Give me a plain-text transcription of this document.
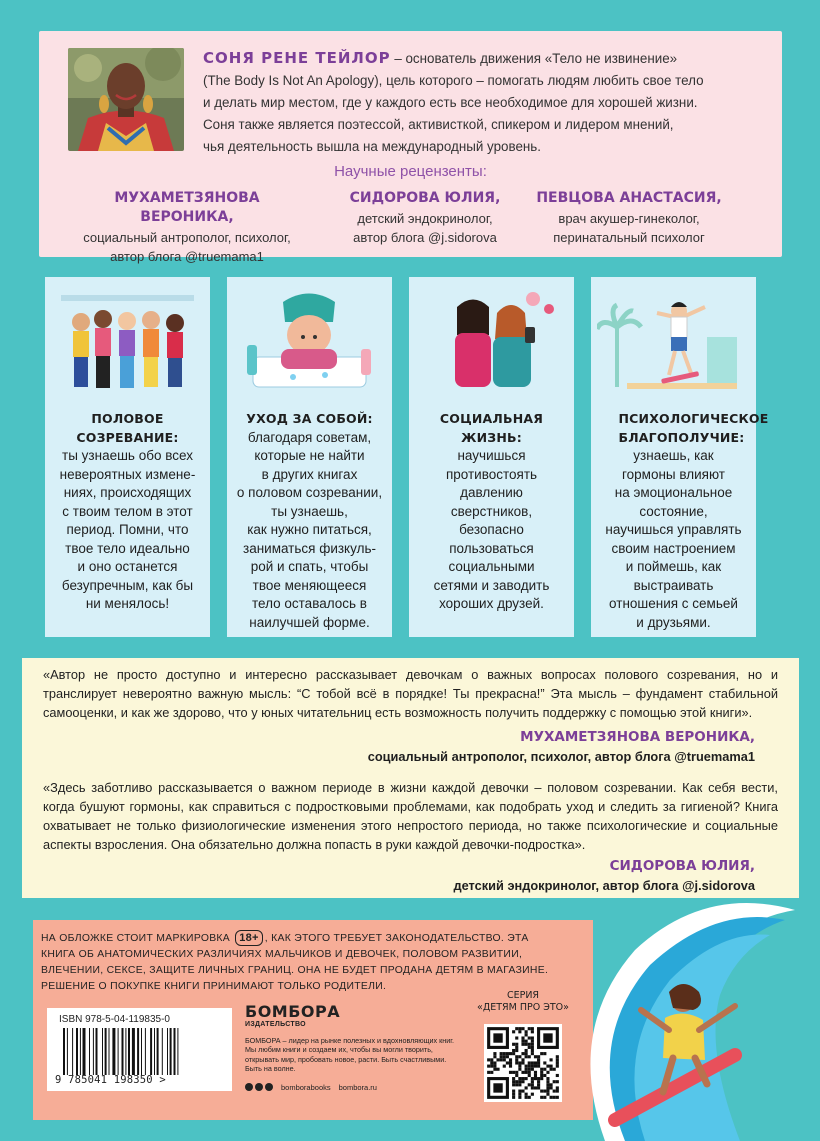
СОНЯ РЕНЕ ТЕЙЛОР – основатель движения «Тело не извинение»
(The Body Is Not An Apology), цель которого – помогать людям любить свое тело
и делать мир местом, где у каждого есть все необходимое для хорошей жизни.
Соня также является поэтессой, активисткой, спикером и лидером мнений,
чья деятельность вышла на международный уровень.
Научные рецензенты:
МУХАМЕТЗЯНОВА ВЕРОНИКА,
социальный антрополог, психолог,
автор блога @truemama1
СИДОРОВА ЮЛИЯ,
детский эндокринолог,
автор блога @j.sidorova
ПЕВЦОВА АНАСТАСИЯ,
врач акушер-гинеколог,
перинатальный психолог
ПОЛОВОЕ СОЗРЕВАНИЕ:
ты узнаешь обо всех
невероятных измене-
ниях, происходящих
с твоим телом в этот
период. Помни, что
твое тело идеально
и оно останется
безупречным, как бы
ни менялось!
УХОД ЗА СОБОЙ:
благодаря советам,
которые не найти
в других книгах
о половом созревании,
ты узнаешь,
как нужно питаться,
заниматься физкуль-
рой и спать, чтобы
твое меняющееся
тело оставалось в
наилучшей форме.
СОЦИАЛЬНАЯ ЖИЗНЬ:
научишься
противостоять
давлению
сверстников,
безопасно
пользоваться
социальными
сетями и заводить
хороших друзей.
ПСИХОЛОГИЧЕСКОЕ БЛАГОПОЛУЧИЕ:
узнаешь, как
гормоны влияют
на эмоциональное
состояние,
научишься управлять
своим настроением
и поймешь, как
выстраивать
отношения с семьей
и друзьями.
«Автор не просто доступно и интересно рассказывает девочкам о важных вопросах полового созревания, но и транслирует невероятно важную мысль: “С тобой всё в порядке! Ты прекрасна!” Эта мысль – фундамент стабильной самооценки, и как же здорово, что у юных читательниц есть возможность получить поддержку с помощью этой книги».
МУХАМЕТЗЯНОВА ВЕРОНИКА,
социальный антрополог, психолог, автор блога @truemama1
«Здесь заботливо рассказывается о важном периоде в жизни каждой девочки – половом созревании. Как себя вести, когда бушуют гормоны, как справиться с подростковыми проблемами, как подобрать уход и следить за гигиеной? Книга охватывает не только физиологические изменения этого непростого периода, но также психологические и социальные аспекты взросления. Она обязательно должна попасть в руки каждой девочки-подростка».
СИДОРОВА ЮЛИЯ,
детский эндокринолог, автор блога @j.sidorova
НА ОБЛОЖКЕ СТОИТ МАРКИРОВКА 18+ , КАК ЭТОГО ТРЕБУЕТ ЗАКОНОДАТЕЛЬСТВО. ЭТА КНИГА ОБ АНАТОМИЧЕСКИХ РАЗЛИЧИЯХ МАЛЬЧИКОВ И ДЕВОЧЕК, ПОЛОВОМ РАЗВИТИИ, ВЛЕЧЕНИИ, СЕКСЕ, ЗАЩИТЕ ЛИЧНЫХ ГРАНИЦ. ОНА НЕ БУДЕТ ПРОДАНА ДЕТЯМ В МАГАЗИНЕ. РЕШЕНИЕ О ПОКУПКЕ КНИГИ ПРИНИМАЮТ ТОЛЬКО РОДИТЕЛИ.
ISBN 978-5-04-119835-0
9 785041 198350 >
БОМБОРА
ИЗДАТЕЛЬСТВО
БОМБОРА – лидер на рынке полезных и вдохновляющих книг. Мы любим книги и создаем их, чтобы вы могли творить, открывать мир, пробовать новое, расти. Быть счастливыми. Быть на волне.
bomborabooks bombora.ru
СЕРИЯ
«ДЕТЯМ ПРО ЭТО»
